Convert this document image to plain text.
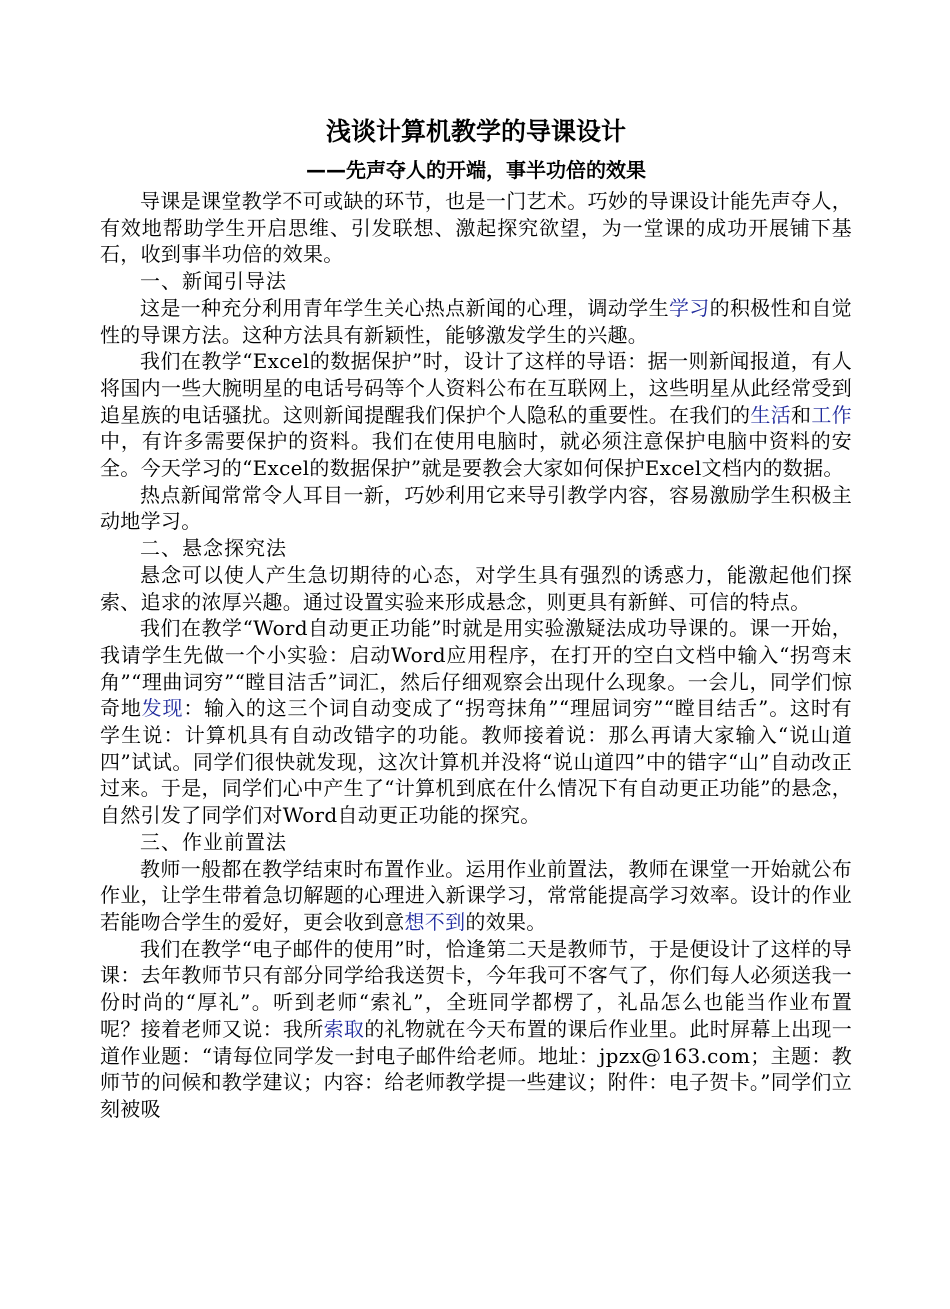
浅谈计算机教学的导课设计
——先声夺人的开端，事半功倍的效果

导课是课堂教学不可或缺的环节，也是一门艺术。巧妙的导课设计能先声夺人，有效地帮助学生开启思维、引发联想、激起探究欲望，为一堂课的成功开展铺下基石，收到事半功倍的效果。

一、新闻引导法

这是一种充分利用青年学生关心热点新闻的心理，调动学生学习的积极性和自觉性的导课方法。这种方法具有新颖性，能够激发学生的兴趣。

我们在教学“Excel的数据保护”时，设计了这样的导语：据一则新闻报道，有人将国内一些大腕明星的电话号码等个人资料公布在互联网上，这些明星从此经常受到追星族的电话骚扰。这则新闻提醒我们保护个人隐私的重要性。在我们的生活和工作中，有许多需要保护的资料。我们在使用电脑时，就必须注意保护电脑中资料的安全。今天学习的“Excel的数据保护”就是要教会大家如何保护Excel文档内的数据。

热点新闻常常令人耳目一新，巧妙利用它来导引教学内容，容易激励学生积极主动地学习。

二、悬念探究法

悬念可以使人产生急切期待的心态，对学生具有强烈的诱惑力，能激起他们探索、追求的浓厚兴趣。通过设置实验来形成悬念，则更具有新鲜、可信的特点。

我们在教学“Word自动更正功能”时就是用实验激疑法成功导课的。课一开始，我请学生先做一个小实验：启动Word应用程序，在打开的空白文档中输入“拐弯末角”“理曲词穷”“瞠目洁舌”词汇，然后仔细观察会出现什么现象。一会儿，同学们惊奇地发现：输入的这三个词自动变成了“拐弯抹角”“理屈词穷”“瞠目结舌”。这时有学生说：计算机具有自动改错字的功能。教师接着说：那么再请大家输入“说山道四”试试。同学们很快就发现，这次计算机并没将“说山道四”中的错字“山”自动改正过来。于是，同学们心中产生了“计算机到底在什么情况下有自动更正功能”的悬念，自然引发了同学们对Word自动更正功能的探究。

三、作业前置法

教师一般都在教学结束时布置作业。运用作业前置法，教师在课堂一开始就公布作业，让学生带着急切解题的心理进入新课学习，常常能提高学习效率。设计的作业若能吻合学生的爱好，更会收到意想不到的效果。

我们在教学“电子邮件的使用”时，恰逢第二天是教师节，于是便设计了这样的导课：去年教师节只有部分同学给我送贺卡，今年我可不客气了，你们每人必须送我一份时尚的“厚礼”。听到老师“索礼”，全班同学都楞了，礼品怎么也能当作业布置呢？接着老师又说：我所索取的礼物就在今天布置的课后作业里。此时屏幕上出现一道作业题：“请每位同学发一封电子邮件给老师。地址：jpzx@163.com；主题：教师节的问候和教学建议；内容：给老师教学提一些建议；附件：电子贺卡。”同学们立刻被吸
